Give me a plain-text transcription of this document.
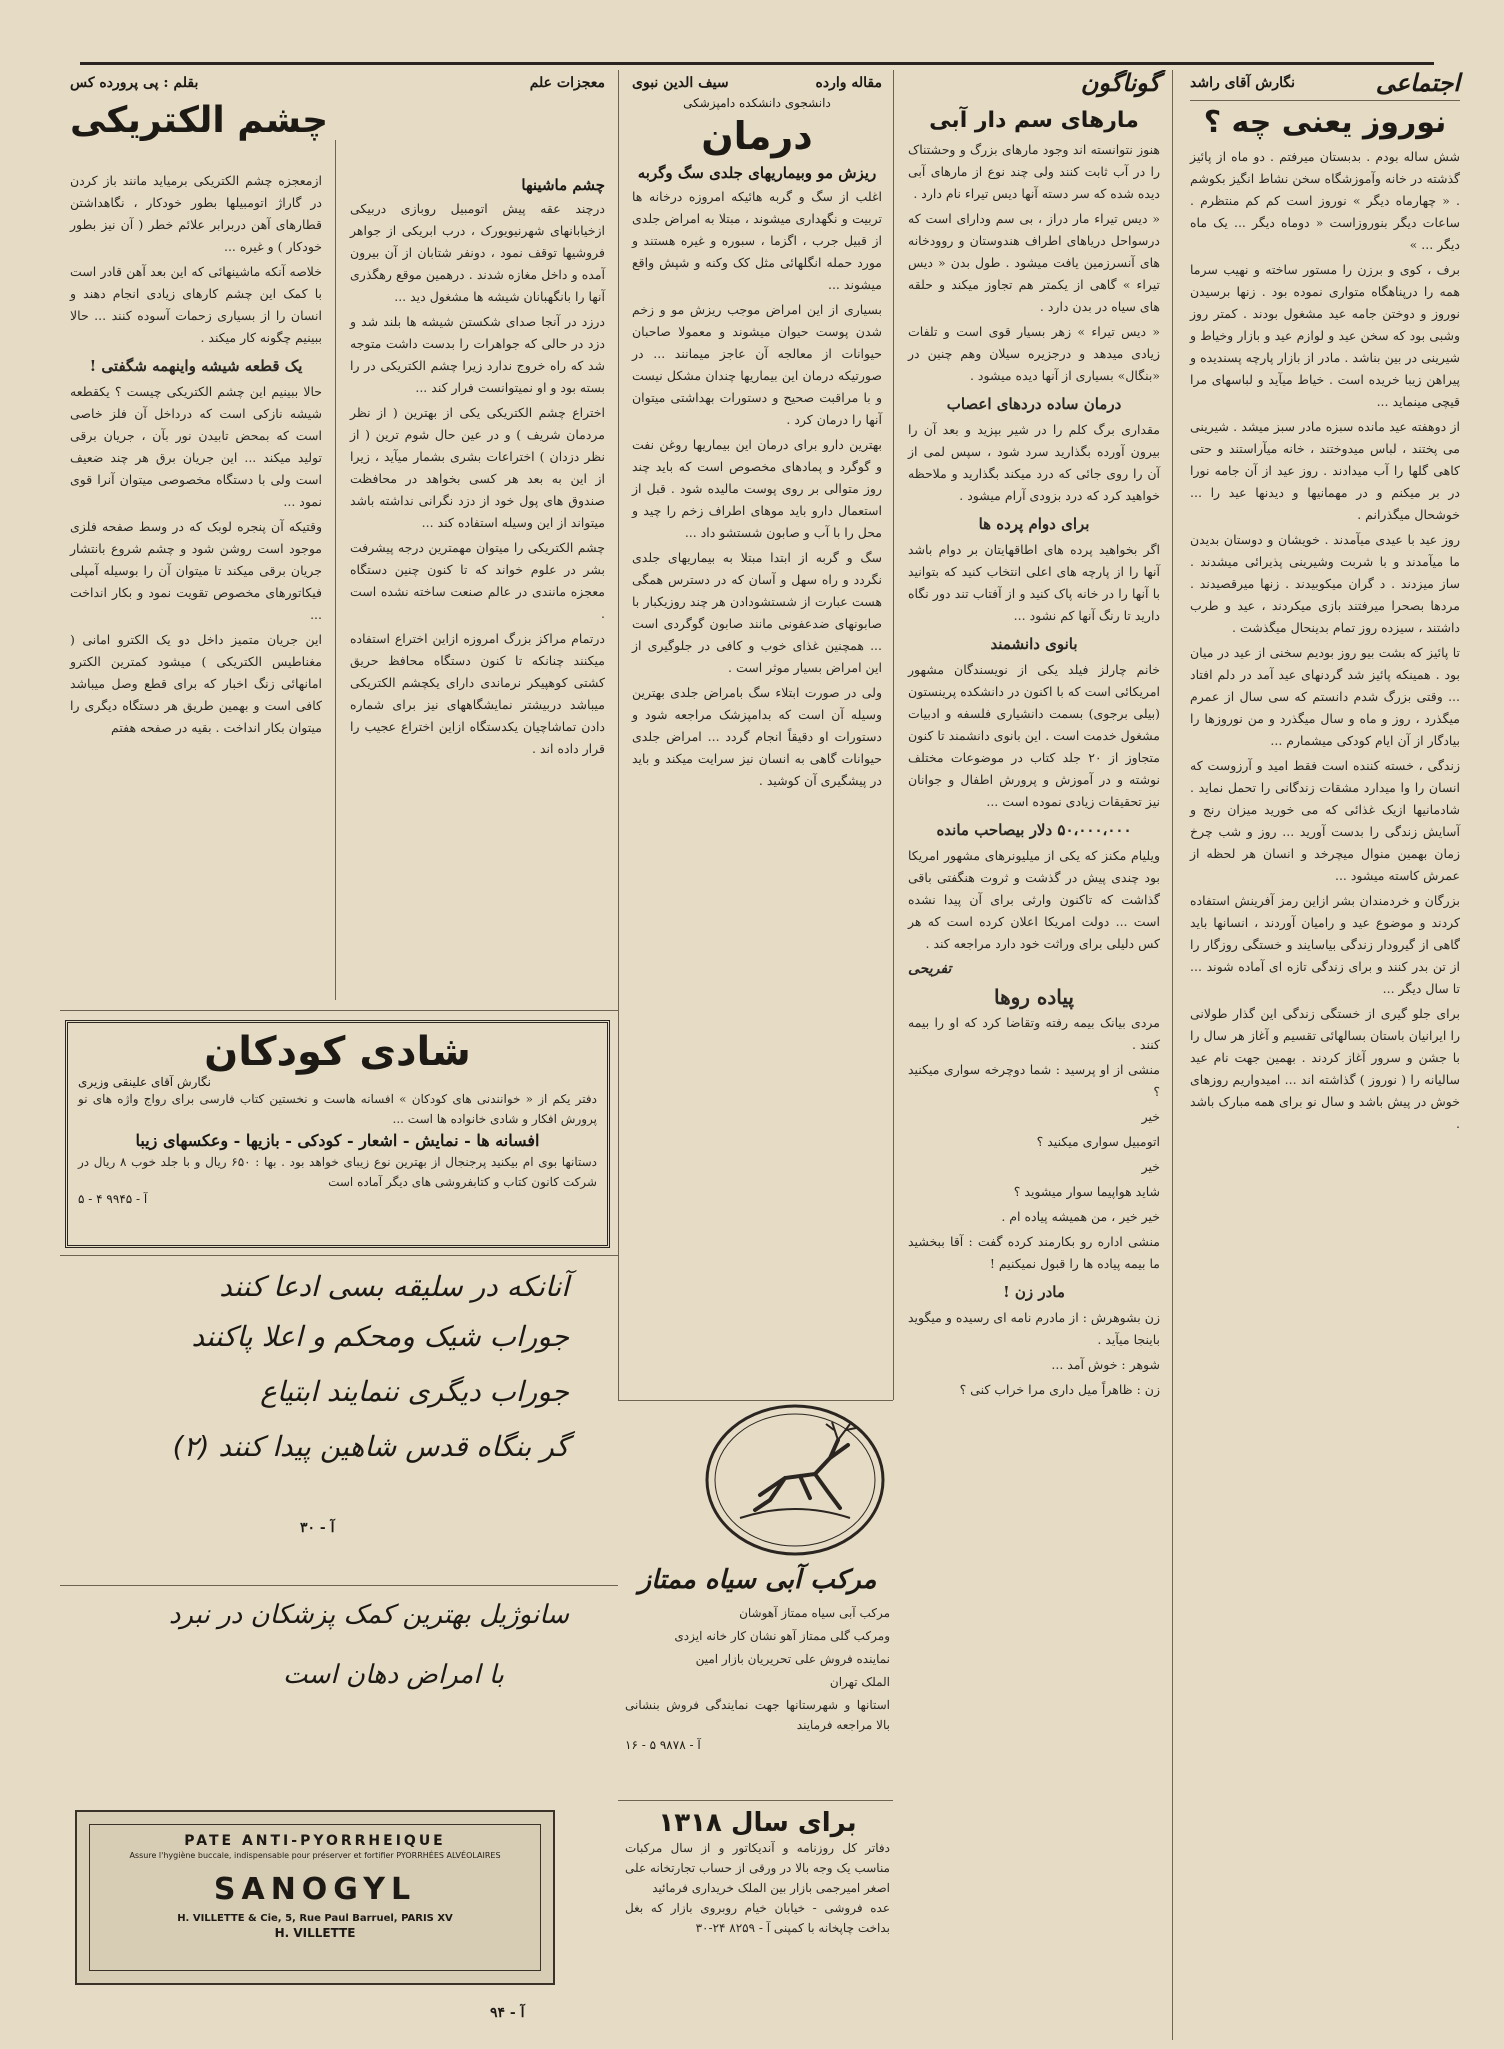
اجتماعی
نگارش آقای راشد
نوروز یعنی چه ؟

شش ساله بودم . بدبستان میرفتم . دو ماه از پائیز گذشته در خانه وآموزشگاه سخن نشاط انگیز بکوشم . « چهارماه دیگر » نوروز است کم کم منتظرم . ساعات دیگر بنوروزاست « دوماه دیگر ... یک ماه دیگر ... »

برف ، کوی و برزن را مستور ساخته و نهیب سرما همه را درپناهگاه متواری نموده بود . زنها برسیدن نوروز و دوختن جامه عید مشغول بودند . کمتر روز وشبی بود که سخن عید و لوازم عید و بازار وخیاط و شیرینی در بین بناشد . مادر از بازار پارچه پسندیده و پیراهن زیبا خریده است . خیاط میآید و لباسهای مرا قیچی مینماید ...

از دوهفته عید مانده سبزه مادر سبز میشد . شیرینی می پختند ، لباس میدوختند ، خانه میآراستند و حتی کاهی گلها را آب میدادند . روز عید از آن جامه نورا در بر میکنم و در مهمانیها و دیدنها عید را ... خوشحال میگذرانم .

روز عید با عیدی میآمدند . خویشان و دوستان بدیدن ما میآمدند و با شربت وشیرینی پذیرائی میشدند . ساز میزدند . د گران میکوبیدند . زنها میرقصیدند . مردها بصحرا میرفتند بازی میکردند ، عید و طرب داشتند ، سیزده روز تمام بدینحال میگذشت .

تا پائیز که بشت بیو روز بودیم سخنی از عید در میان بود . همینکه پائیز شد گردنهای عید آمد در دلم افتاد ... وقتی بزرگ شدم دانستم که سی سال از عمرم میگذرد ، روز و ماه و سال میگذرد و من نوروزها را بیادگار از آن ایام کودکی میشمارم ...

زندگی ، خسته کننده است فقط امید و آرزوست که انسان را وا میدارد مشقات زندگانی را تحمل نماید . شادمانیها ازیک غذائی که می خورید میزان رنج و آسایش زندگی را بدست آورید ... روز و شب چرخ زمان بهمین منوال میچرخد و انسان هر لحظه از عمرش کاسته میشود ...

بزرگان و خردمندان بشر ازاین رمز آفرینش استفاده کردند و موضوع عید و رامیان آوردند ، انسانها باید گاهی از گیرودار زندگی بیاسایند و خستگی روزگار را از تن بدر کنند و برای زندگی تازه ای آماده شوند ... تا سال دیگر ...

برای جلو گیری از خستگی زندگی این گذار طولانی را ایرانیان باستان بسالهائی تقسیم و آغاز هر سال را با جشن و سرور آغاز کردند . بهمین جهت نام عید سالیانه را ( نوروز ) گذاشته اند ... امیدواریم روزهای خوش در پیش باشد و سال نو برای همه مبارک باشد .

گوناگون
مارهای سم دار آبی

هنوز نتوانسته اند وجود مارهای بزرگ و وحشتناک را در آب ثابت کنند ولی چند نوع از مارهای آبی دیده شده که سر دسته آنها دیس تیراء نام دارد .

« دیس تیراء مار دراز ، بی سم ودارای است که درسواحل دریاهای اطراف هندوستان و روودخانه های آنسرزمین یافت میشود . طول بدن « دیس تیراء » گاهی از یکمتر هم تجاوز میکند و حلقه های سیاه در بدن دارد .

« دیس تیراء » زهر بسیار قوی است و تلفات زیادی میدهد و درجزیره سیلان وهم چنین در «بنگال» بسیاری از آنها دیده میشود .

درمان ساده دردهای اعصاب

مقداری برگ کلم را در شیر بپزید و بعد آن را بیرون آورده بگذارید سرد شود ، سپس لمی از آن را روی جائی که درد میکند بگذارید و ملاحظه خواهید کرد که درد بزودی آرام میشود .

برای دوام پرده ها

اگر بخواهید پرده های اطاقهایتان بر دوام باشد آنها را از پارچه های اعلی انتخاب کنید که بتوانید با آنها را در خانه پاک کنید و از آفتاب تند دور نگاه دارید تا رنگ آنها کم نشود ...

بانوی دانشمند

خانم چارلز فیلد یکی از نویسندگان مشهور امریکائی است که با اکنون در دانشکده پرینستون (بیلی برجوی) بسمت دانشیاری فلسفه و ادبیات مشغول خدمت است . این بانوی دانشمند تا کنون متجاوز از ۲۰ جلد کتاب در موضوعات مختلف نوشته و در آموزش و پرورش اطفال و جوانان نیز تحقیقات زیادی نموده است ...

۵۰،۰۰۰،۰۰۰ دلار بیصاحب مانده

ویلیام مکنز که یکی از میلیونرهای مشهور امریکا بود چندی پیش در گذشت و ثروت هنگفتی باقی گذاشت که تاکنون وارثی برای آن پیدا نشده است ... دولت امریکا اعلان کرده است که هر کس دلیلی برای وراثت خود دارد مراجعه کند .

تفریحی
پیاده روها

مردی بیانک بیمه رفته وتقاضا کرد که او را بیمه کنند .

منشی از او پرسید : شما دوچرخه سواری میکنید ؟

خیر

اتومبیل سواری میکنید ؟

خیر

شاید هواپیما سوار میشوید ؟

خیر خیر ، من همیشه پیاده ام .

منشی اداره رو بکارمند کرده گفت : آقا ببخشید ما بیمه پیاده ها را قبول نمیکنیم !

مادر زن !

زن بشوهرش : از مادرم نامه ای رسیده و میگوید باینجا میآید .

شوهر : خوش آمد ...

زن : ظاهراً میل داری مرا خراب کنی ؟

مقاله وارده
سیف الدین نبوی
دانشجوی دانشکده دامپزشکی
درمان
ریزش مو وبیماریهای جلدی سگ وگربه

اغلب از سگ و گربه هائیکه امروزه درخانه ها تربیت و نگهداری میشوند ، مبتلا به امراض جلدی از قبیل جرب ، اگزما ، سبوره و غیره هستند و مورد حمله انگلهائی مثل کک وکنه و شپش واقع میشوند ...

بسیاری از این امراض موجب ریزش مو و زخم شدن پوست حیوان میشوند و معمولا صاحبان حیوانات از معالجه آن عاجز میمانند ... در صورتیکه درمان این بیماریها چندان مشکل نیست و با مراقبت صحیح و دستورات بهداشتی میتوان آنها را درمان کرد .

بهترین دارو برای درمان این بیماریها روغن نفت و گوگرد و پمادهای مخصوص است که باید چند روز متوالی بر روی پوست مالیده شود . قبل از استعمال دارو باید موهای اطراف زخم را چید و محل را با آب و صابون شستشو داد ...

سگ و گربه از ابتدا مبتلا به بیماریهای جلدی نگردد و راه سهل و آسان که در دسترس همگی هست عبارت از شستشودادن هر چند روزیکبار با صابونهای ضدعفونی مانند صابون گوگردی است ... همچنین غذای خوب و کافی در جلوگیری از این امراض بسیار موثر است .

ولی در صورت ابتلاء سگ بامراض جلدی بهترین وسیله آن است که بدامپزشک مراجعه شود و دستورات او دقیقاً انجام گردد ... امراض جلدی حیوانات گاهی به انسان نیز سرایت میکند و باید در پیشگیری آن کوشید .

مرکب آبی سیاه ممتاز

مرکب آبی سیاه ممتاز آهوشان

ومرکب گلی ممتاز آهو نشان کار خانه ایزدی

نماینده فروش علی تحریریان بازار امین

الملک تهران

استانها و شهرستانها جهت نمایندگی فروش بنشانی بالا مراجعه فرمایند

آ - ۹۸۷۸ ۵ - ۱۶
برای سال ۱۳۱۸
دفاتر کل روزنامه و آندیکاتور و از سال مرکبات مناسب یک وجه بالا در ورقی از حساب تجارتخانه علی اصغر امیرجمی بازار بین الملک خریداری فرمائید
عده فروشی - خیابان خیام روبروی بازار که بغل بداخت چاپخانه با کمپنی آ - ۸۲۵۹ ۲۴-۳۰
معجزات علم
بقلم : پی پرورده کس
چشم الکتریکی
چشم ماشینها

درچند عقه پیش اتومبیل روبازی دربیکی ازخیابانهای شهرنیویورک ، درب ابریکی از جواهر فروشیها توقف نمود ، دونفر شتابان از آن بیرون آمده و داخل مغازه شدند . درهمین موقع رهگذری آنها را بانگهبانان شیشه ها مشغول دید ...

درزد در آنجا صدای شکستن شیشه ها بلند شد و دزد در حالی که جواهرات را بدست داشت متوجه شد که راه خروج ندارد زیرا چشم الکتریکی در را بسته بود و او نمیتوانست فرار کند ...

اختراع چشم الکتریکی یکی از بهترین ( از نظر مردمان شریف ) و در عین حال شوم ترین ( از نظر دزدان ) اختراعات بشری بشمار میآید ، زیرا از این به بعد هر کسی بخواهد در محافظت صندوق های پول خود از دزد نگرانی نداشته باشد میتواند از این وسیله استفاده کند ...

چشم الکتریکی را میتوان مهمترین درجه پیشرفت بشر در علوم خواند که تا کنون چنین دستگاه معجزه مانندی در عالم صنعت ساخته نشده است .

درتمام مراکز بزرگ امروزه ازاین اختراع استفاده میکنند چنانکه تا کنون دستگاه محافظ حریق کشتی کوهپیکر نرماندی دارای یکچشم الکتریکی میباشد دربیشتر نمایشگاههای نیز برای شماره دادن تماشاچیان یکدستگاه ازاین اختراع عجیب را قرار داده اند .

ازمعجزه چشم الکتریکی برمیاید مانند باز کردن در گاراژ اتومبیلها بطور خودکار ، نگاهداشتن قطارهای آهن دربرابر علائم خطر ( آن نیز بطور خودکار ) و غیره ...

خلاصه آنکه ماشینهائی که این بعد آهن قادر است با کمک این چشم کارهای زیادی انجام دهند و انسان را از بسیاری زحمات آسوده کنند ... حالا ببینیم چگونه کار میکند .

یک قطعه شیشه واینهمه شگفتی !

حالا ببینیم این چشم الکتریکی چیست ؟ یکقطعه شیشه نازکی است که درداخل آن فلز خاصی است که بمحض تابیدن نور بآن ، جریان برقی تولید میکند ... این جریان برق هر چند ضعیف است ولی با دستگاه مخصوصی میتوان آنرا قوی نمود ...

وقتیکه آن پنجره لوبک که در وسط صفحه فلزی موجود است روشن شود و چشم شروع بانتشار جریان برقی میکند تا میتوان آن را بوسیله آمپلی فیکاتورهای مخصوص تقویت نمود و بکار انداخت ...

این جریان متمیز داخل دو یک الکترو امانی ( مغناطیس الکتریکی ) میشود کمترین الکترو امانهائی زنگ اخبار که برای قطع وصل میباشد کافی است و بهمین طریق هر دستگاه دیگری را میتوان بکار انداخت . بقیه در صفحه هفتم

شادی کودکان
نگارش آقای علینقی وزیری
دفتر یکم از « خوانندنی های کودکان » افسانه هاست و نخستین کتاب فارسی برای رواج واژه های نو پرورش افکار و شادی خانواده ها است ...
افسانه ها - نمایش - اشعار - کودکی - بازیها - وعکسهای زیبا
دستانها بوی ام بیکنید پرجنجال از بهترین نوع زیبای خواهد بود . بها : ۶۵۰ ریال و با جلد خوب ۸ ریال در شرکت کانون کتاب و کتابفروشی های دیگر آماده است
آ - ۹۹۴۵ ۴ - ۵
آنانکه در سلیقه بسی ادعا کنند
جوراب شیک ومحکم و اعلا پاکنند
جوراب دیگری ننمایند ابتیاع
گر بنگاه قدس شاهین پیدا کنند (۲)
آ - ۳۰
سانوژیل بهترین کمک پزشکان در نبرد
با امراض دهان است
PATE ANTI-PYORRHEIQUE
Assure l'hygiène buccale, indispensable pour préserver et fortifier PYORRHÉES ALVÉOLAIRES
SANOGYL
H. VILLETTE & Cie, 5, Rue Paul Barruel, PARIS XV
H. VILLETTE
آ - ۹۴
